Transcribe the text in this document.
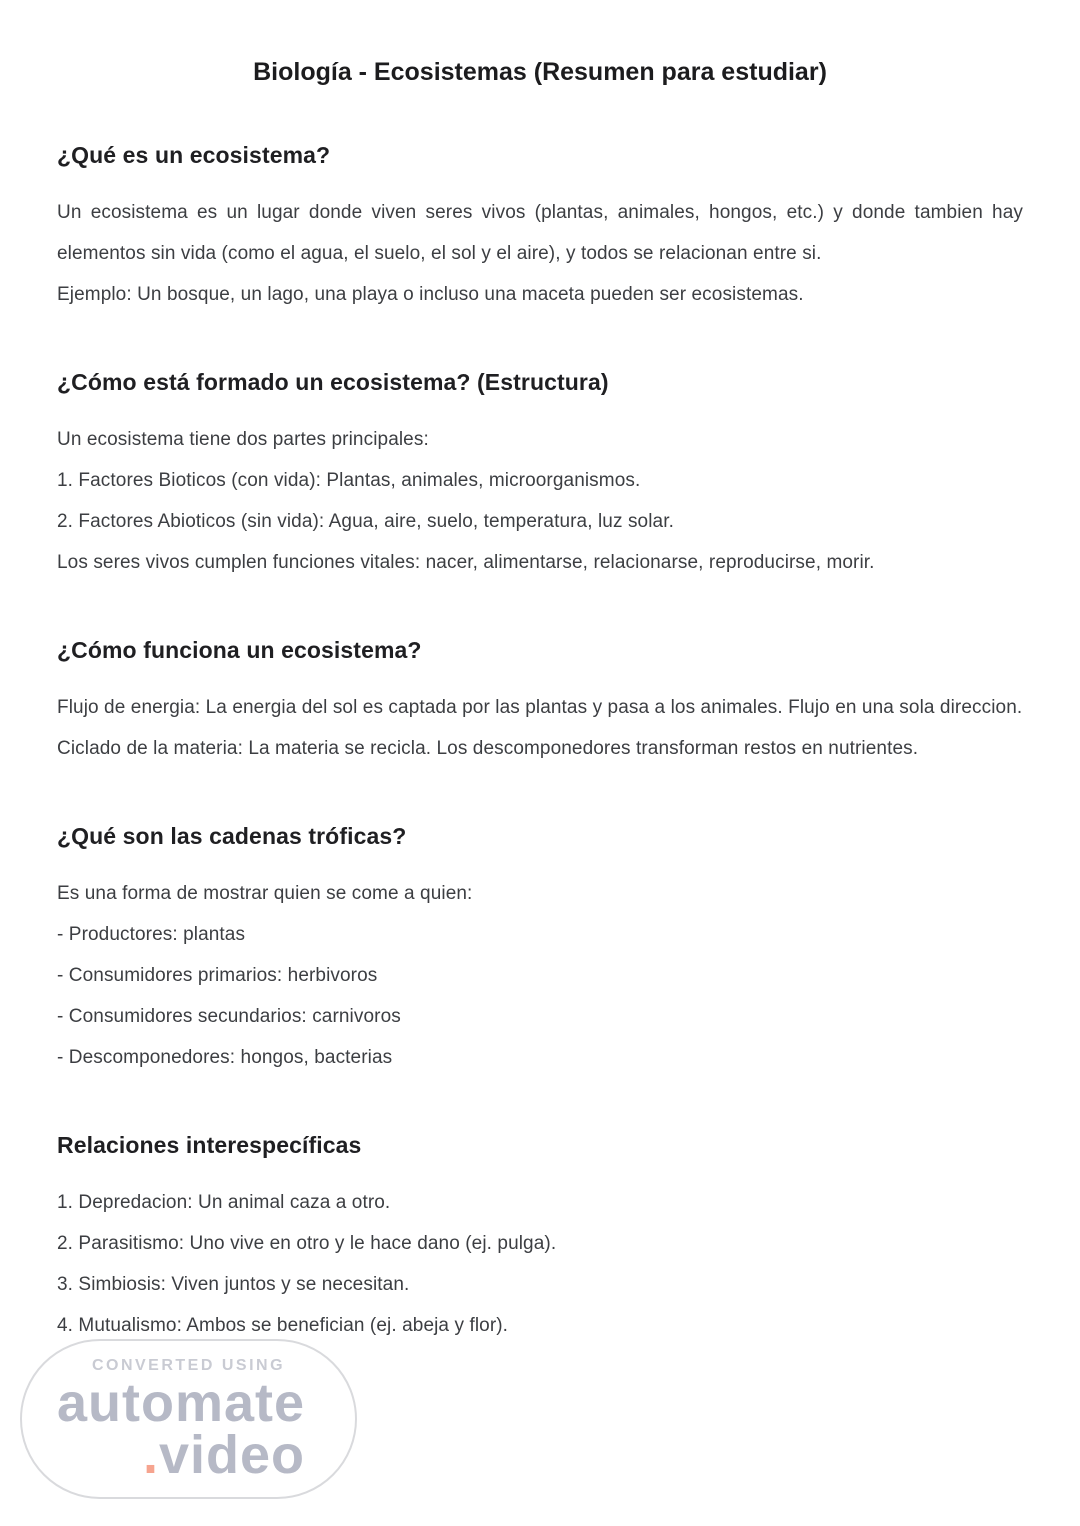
Biología - Ecosistemas (Resumen para estudiar)
¿Qué es un ecosistema?

Un ecosistema es un lugar donde viven seres vivos (plantas, animales, hongos, etc.) y donde tambien hay elementos sin vida (como el agua, el suelo, el sol y el aire), y todos se relacionan entre si.

Ejemplo: Un bosque, un lago, una playa o incluso una maceta pueden ser ecosistemas.

¿Cómo está formado un ecosistema? (Estructura)
Un ecosistema tiene dos partes principales:
1. Factores Bioticos (con vida): Plantas, animales, microorganismos.
2. Factores Abioticos (sin vida): Agua, aire, suelo, temperatura, luz solar.
Los seres vivos cumplen funciones vitales: nacer, alimentarse, relacionarse, reproducirse, morir.
¿Cómo funciona un ecosistema?

Flujo de energia: La energia del sol es captada por las plantas y pasa a los animales. Flujo en una sola direccion.

Ciclado de la materia: La materia se recicla. Los descomponedores transforman restos en nutrientes.

¿Qué son las cadenas tróficas?
Es una forma de mostrar quien se come a quien:
- Productores: plantas
- Consumidores primarios: herbivoros
- Consumidores secundarios: carnivoros
- Descomponedores: hongos, bacterias
Relaciones interespecíficas
1. Depredacion: Un animal caza a otro.
2. Parasitismo: Uno vive en otro y le hace dano (ej. pulga).
3. Simbiosis: Viven juntos y se necesitan.
4. Mutualismo: Ambos se benefician (ej. abeja y flor).
CONVERTED USING
automate
.video
